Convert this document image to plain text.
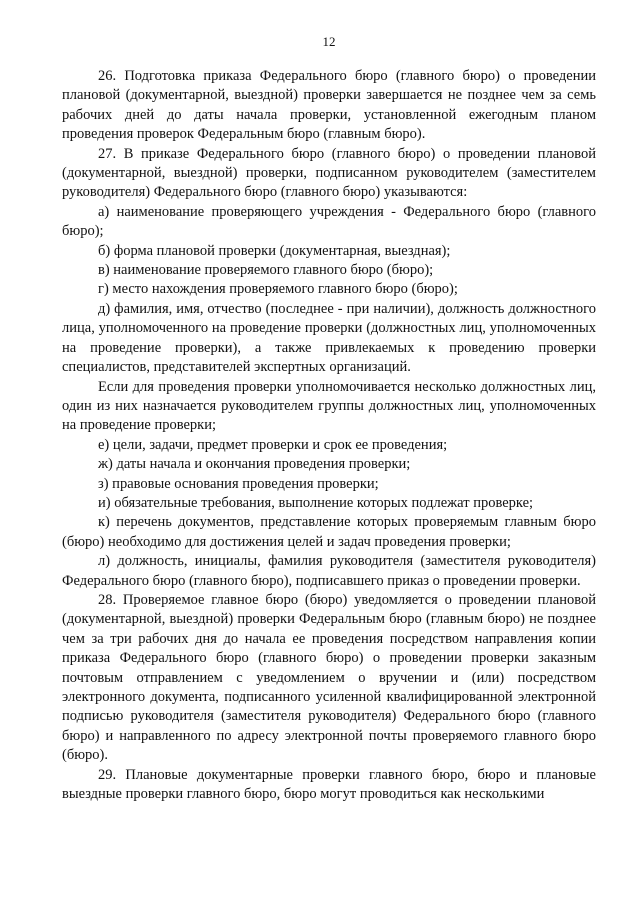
12

26. Подготовка приказа Федерального бюро (главного бюро) о проведении плановой (документарной, выездной) проверки завершается не позднее чем за семь рабочих дней до даты начала проверки, установленной ежегодным планом проведения проверок Федеральным бюро (главным бюро).

27. В приказе Федерального бюро (главного бюро) о проведении плановой (документарной, выездной) проверки, подписанном руководителем (заместителем руководителя) Федерального бюро (главного бюро) указываются:

а) наименование проверяющего учреждения - Федерального бюро (главного бюро);

б) форма плановой проверки (документарная, выездная);

в) наименование проверяемого главного бюро (бюро);

г) место нахождения проверяемого главного бюро (бюро);

д) фамилия, имя, отчество (последнее - при наличии), должность должностного лица, уполномоченного на проведение проверки (должностных лиц, уполномоченных на проведение проверки), а также привлекаемых к проведению проверки специалистов, представителей экспертных организаций.

Если для проведения проверки уполномочивается несколько должностных лиц, один из них назначается руководителем группы должностных лиц, уполномоченных на проведение проверки;

е) цели, задачи, предмет проверки и срок ее проведения;

ж) даты начала и окончания проведения проверки;

з) правовые основания проведения проверки;

и) обязательные требования, выполнение которых подлежат проверке;

к) перечень документов, представление которых проверяемым главным бюро (бюро) необходимо для достижения целей и задач проведения проверки;

л) должность, инициалы, фамилия руководителя (заместителя руководителя) Федерального бюро (главного бюро), подписавшего приказ о проведении проверки.

28. Проверяемое главное бюро (бюро) уведомляется о проведении плановой (документарной, выездной) проверки Федеральным бюро (главным бюро) не позднее чем за три рабочих дня до начала ее проведения посредством направления копии приказа Федерального бюро (главного бюро) о проведении проверки заказным почтовым отправлением с уведомлением о вручении и (или) посредством электронного документа, подписанного усиленной квалифицированной электронной подписью руководителя (заместителя руководителя) Федерального бюро (главного бюро) и направленного по адресу электронной почты проверяемого главного бюро (бюро).

29. Плановые документарные проверки главного бюро, бюро и плановые выездные проверки главного бюро, бюро могут проводиться как несколькими
